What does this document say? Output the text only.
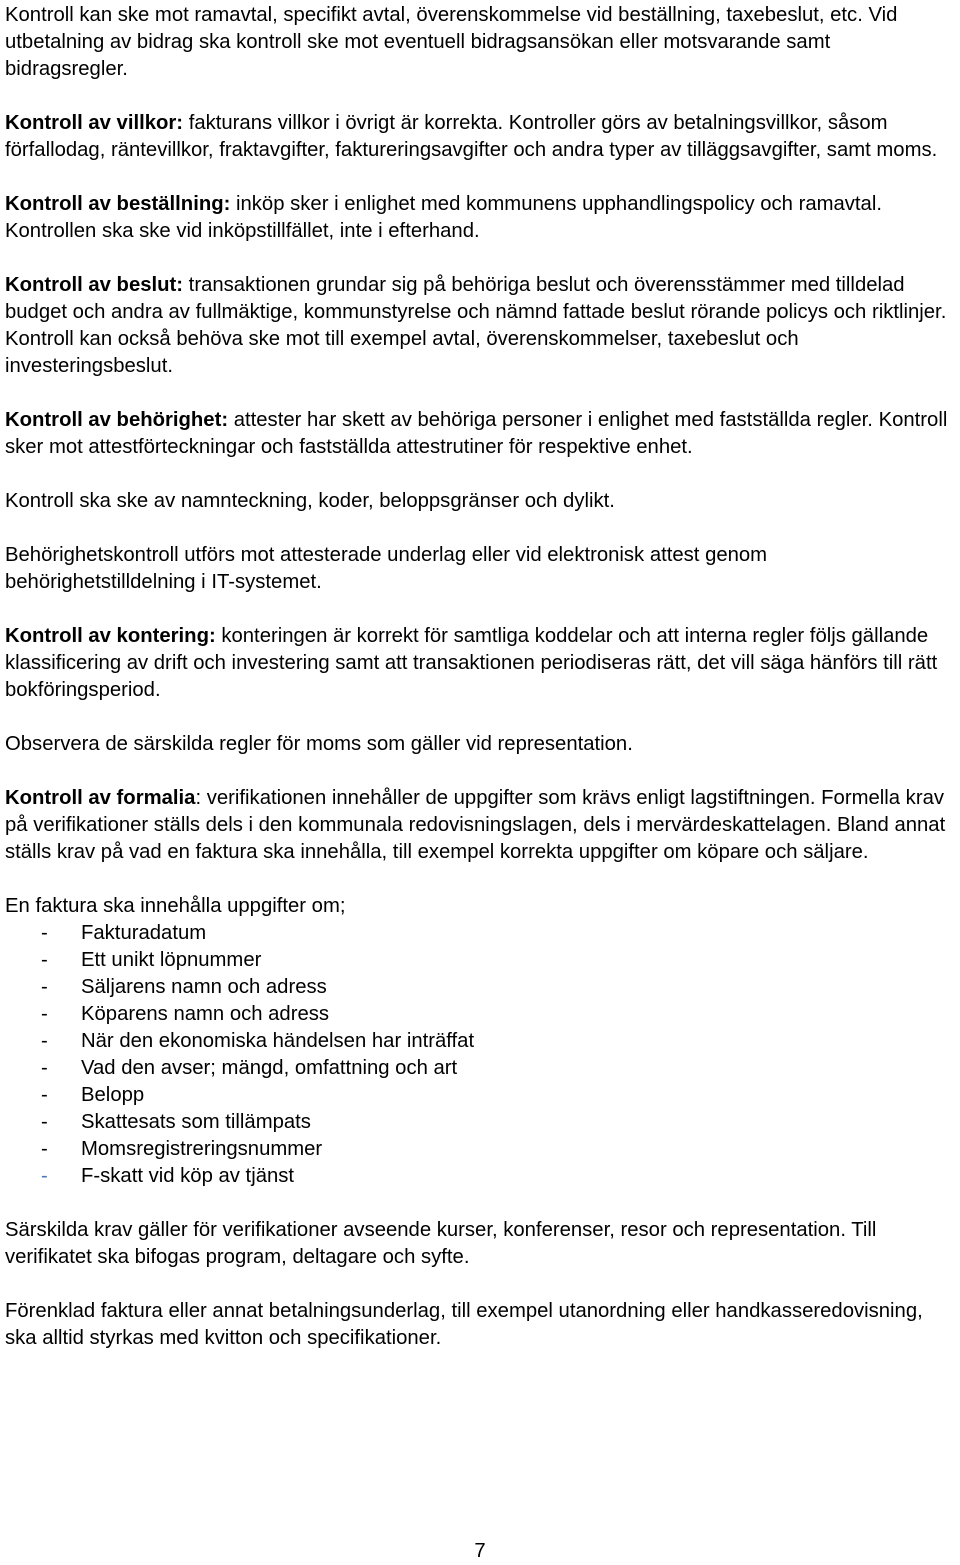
Kontroll kan ske mot ramavtal, specifikt avtal, överenskommelse vid beställning, taxebeslut, etc. Vid utbetalning av bidrag ska kontroll ske mot eventuell bidragsansökan eller motsvarande samt bidragsregler.

Kontroll av villkor: fakturans villkor i övrigt är korrekta. Kontroller görs av betalningsvillkor, såsom förfallodag, räntevillkor, fraktavgifter, faktureringsavgifter och andra typer av tilläggsavgifter, samt moms.

Kontroll av beställning: inköp sker i enlighet med kommunens upphandlingspolicy och ramavtal. Kontrollen ska ske vid inköpstillfället, inte i efterhand.

Kontroll av beslut: transaktionen grundar sig på behöriga beslut och överensstämmer med tilldelad budget och andra av fullmäktige, kommunstyrelse och nämnd fattade beslut rörande policys och riktlinjer. Kontroll kan också behöva ske mot till exempel avtal, överenskommelser, taxebeslut och investeringsbeslut.

Kontroll av behörighet: attester har skett av behöriga personer i enlighet med fastställda regler. Kontroll sker mot attestförteckningar och fastställda attestrutiner för respektive enhet.

Kontroll ska ske av namnteckning, koder, beloppsgränser och dylikt.

Behörighetskontroll utförs mot attesterade underlag eller vid elektronisk attest genom behörighetstilldelning i IT-systemet.

Kontroll av kontering: konteringen är korrekt för samtliga koddelar och att interna regler följs gällande klassificering av drift och investering samt att transaktionen periodiseras rätt, det vill säga hänförs till rätt bokföringsperiod.

Observera de särskilda regler för moms som gäller vid representation.

Kontroll av formalia: verifikationen innehåller de uppgifter som krävs enligt lagstiftningen. Formella krav på verifikationer ställs dels i den kommunala redovisningslagen, dels i mervärdeskattelagen. Bland annat ställs krav på vad en faktura ska innehålla, till exempel korrekta uppgifter om köpare och säljare.

En faktura ska innehålla uppgifter om;

- Fakturadatum
- Ett unikt löpnummer
- Säljarens namn och adress
- Köparens namn och adress
- När den ekonomiska händelsen har inträffat
- Vad den avser; mängd, omfattning och art
- Belopp
- Skattesats som tillämpats
- Momsregistreringsnummer
- F-skatt vid köp av tjänst

Särskilda krav gäller för verifikationer avseende kurser, konferenser, resor och representation. Till verifikatet ska bifogas program, deltagare och syfte.

Förenklad faktura eller annat betalningsunderlag, till exempel utanordning eller handkasseredovisning, ska alltid styrkas med kvitton och specifikationer.

7
